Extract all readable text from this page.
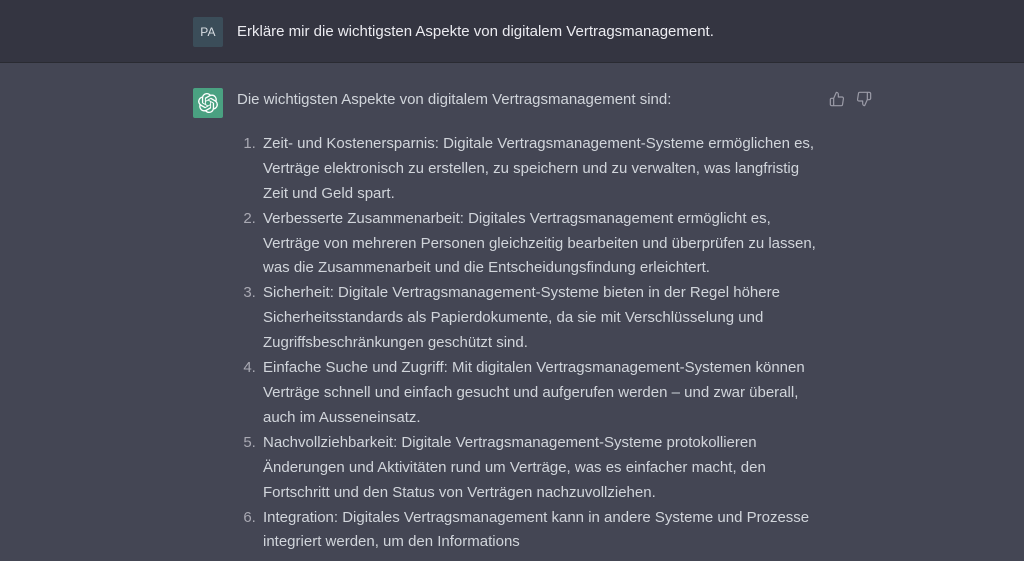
PA	Erkläre mir die wichtigsten Aspekte von digitalem Vertragsmanagement.

Die wichtigsten Aspekte von digitalem Vertragsmanagement sind:

1. Zeit- und Kostenersparnis: Digitale Vertragsmanagement-Systeme ermöglichen es, Verträge elektronisch zu erstellen, zu speichern und zu verwalten, was langfristig Zeit und Geld spart.
2. Verbesserte Zusammenarbeit: Digitales Vertragsmanagement ermöglicht es, Verträge von mehreren Personen gleichzeitig bearbeiten und überprüfen zu lassen, was die Zusammenarbeit und die Entscheidungsfindung erleichtert.
3. Sicherheit: Digitale Vertragsmanagement-Systeme bieten in der Regel höhere Sicherheitsstandards als Papierdokumente, da sie mit Verschlüsselung und Zugriffsbeschränkungen geschützt sind.
4. Einfache Suche und Zugriff: Mit digitalen Vertragsmanagement-Systemen können Verträge schnell und einfach gesucht und aufgerufen werden – und zwar überall, auch im Ausseneinsatz.
5. Nachvollziehbarkeit: Digitale Vertragsmanagement-Systeme protokollieren Änderungen und Aktivitäten rund um Verträge, was es einfacher macht, den Fortschritt und den Status von Verträgen nachzuvollziehen.
6. Integration: Digitales Vertragsmanagement kann in andere Systeme und Prozesse integriert werden, um den Informations
